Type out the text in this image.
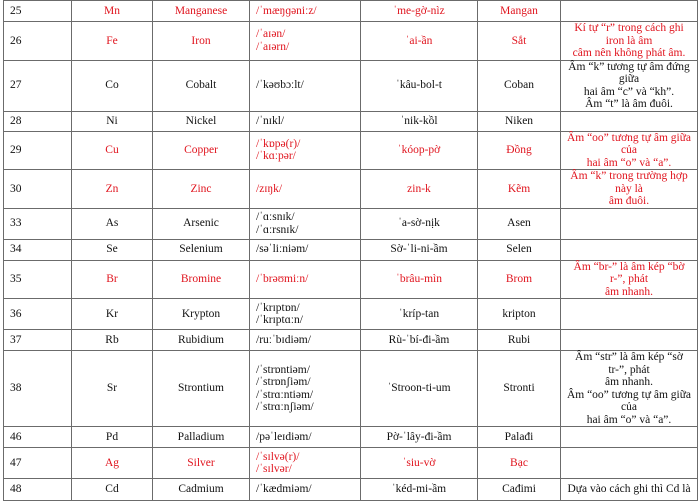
25	Mn	Manganese	/ˈmæŋɡəniːz/	ˈme-gờ-nìz	Mangan	
26	Fe	Iron	/ˈaɪən/
/ˈaɪərn/	ˈai-ần	Sắt	Kí tự “r” trong cách ghi iron là âm
câm nên không phát âm.

27	Co	Cobalt	/ˈkəʊbɔːlt/	ˈkâu-bol-t	Coban	Âm “k” tương tự âm đứng giữa
hai âm “c” và “kh”.
Âm “t” là âm đuôi.

28	Ni	Nickel	/ˈnɪkl/	ˈnik-kồl	Niken	
29	Cu	Copper	/ˈkɒpə(r)/
/ˈkɑːpər/	ˈkóop-pờ	Đồng	Âm “oo” tương tự âm giữa của
hai âm “o” và “a”.

30	Zn	Zinc	/zɪŋk/	zin-k	Kẽm	Âm “k” trong trường hợp này là
âm đuôi.

33	As	Arsenic	/ˈɑːsnɪk/
/ˈɑːrsnɪk/	ˈa-sờ-nịk	Asen	
34	Se	Selenium	/səˈliːniəm/	Sờ-ˈli-ni-ầm	Selen	
35	Br	Bromine	/ˈbrəʊmiːn/	ˈbrâu-mìn	Brom	Âm “br-” là âm kép “bờ r-”, phát
âm nhanh.

36	Kr	Krypton	/ˈkrɪptɒn/
/ˈkrɪptɑːn/	ˈkríp-tan	kripton	
37	Rb	Rubidium	/ruːˈbɪdiəm/	Rù-ˈbí-đi-ầm	Rubi	
38	Sr	Strontium	/ˈstrɒntiəm/
/ˈstrɒnʃiəm/
/ˈstrɑːntiəm/
/ˈstrɑːnʃiəm/	ˈStroon-ti-um	Stronti	Âm “str” là âm kép “sờ tr-”, phát
âm nhanh.
Âm “oo” tương tự âm giữa của
hai âm “o” và “a”.

46	Pd	Palladium	/pəˈleɪdiəm/	Pờ-ˈlây-đi-ầm	Palađi	
47	Ag	Silver	/ˈsɪlvə(r)/
/ˈsɪlvər/	ˈsiu-vờ	Bạc	
48	Cd	Cadmium	/ˈkædmiəm/	ˈkéd-mi-ầm	Cađimi	Dựa vào cách ghi thì Cd là
